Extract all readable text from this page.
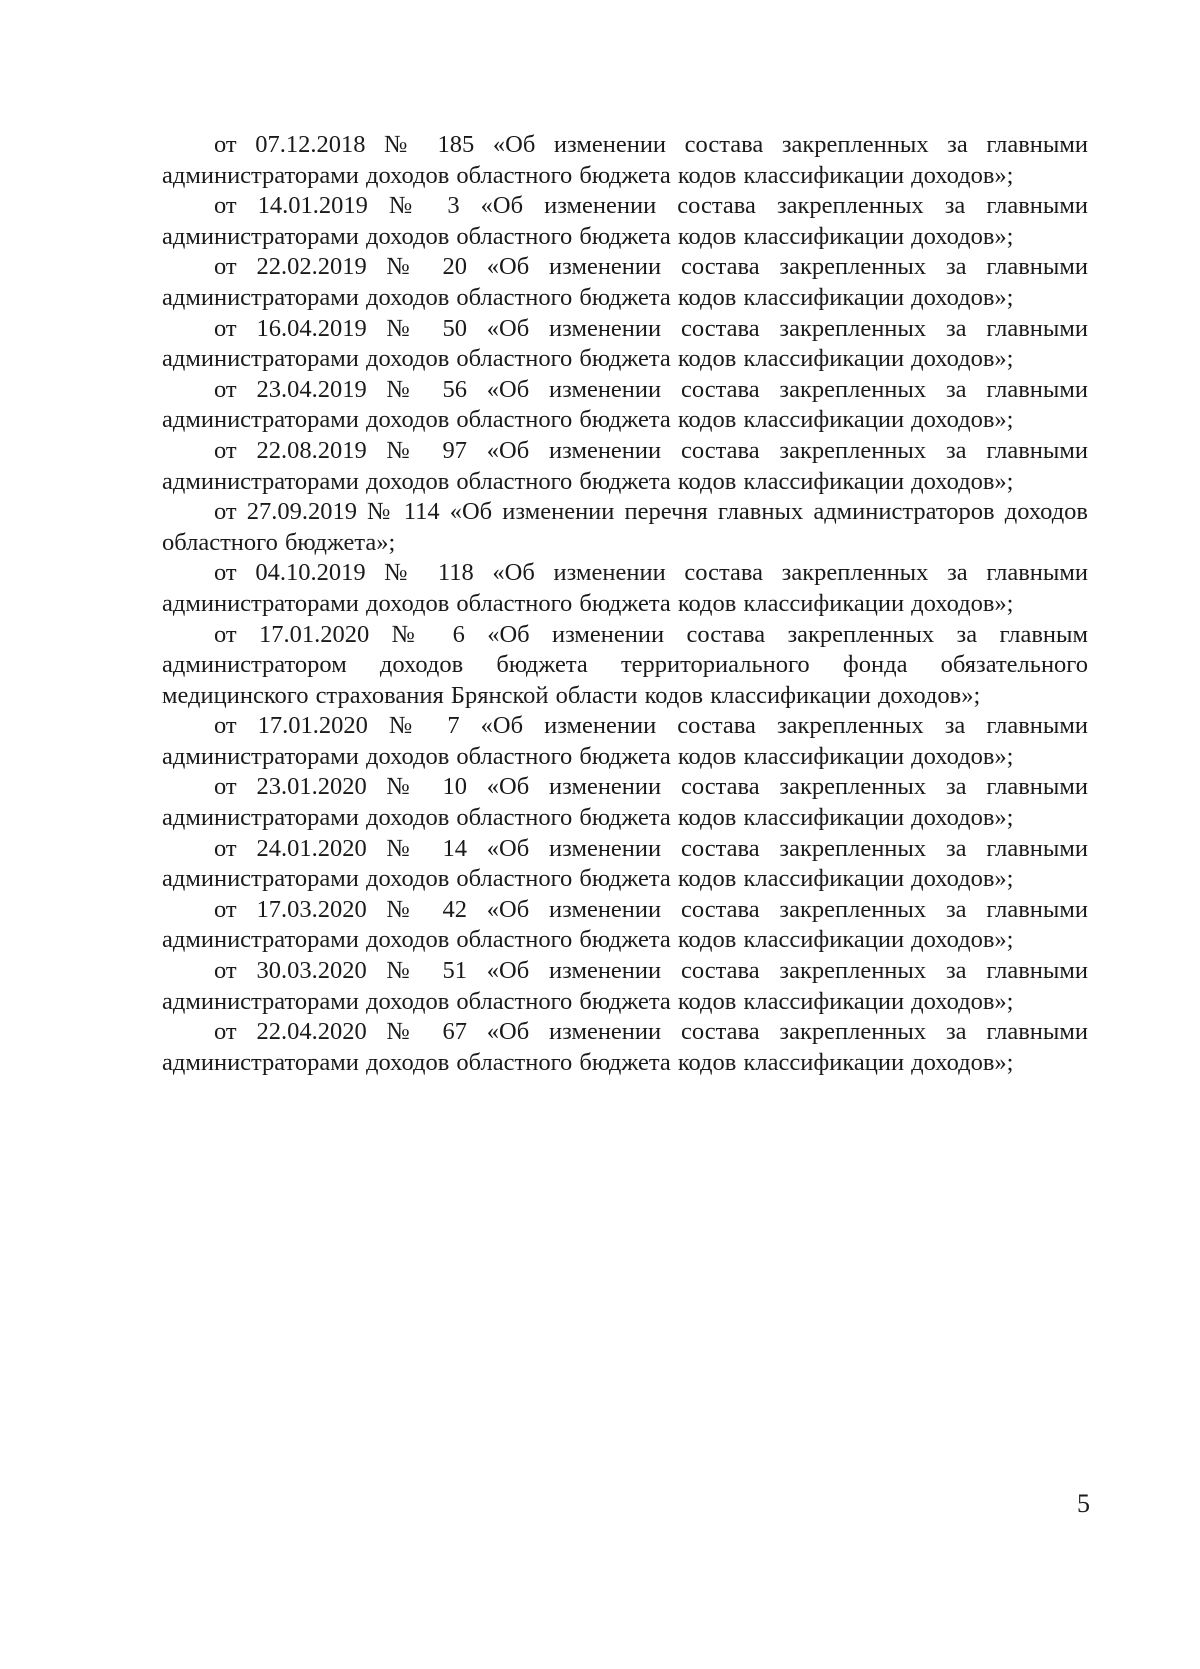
от 07.12.2018 № 185 «Об изменении состава закрепленных за главными администраторами доходов областного бюджета кодов классификации доходов»;

от 14.01.2019 № 3 «Об изменении состава закрепленных за главными администраторами доходов областного бюджета кодов классификации доходов»;

от 22.02.2019 № 20 «Об изменении состава закрепленных за главными администраторами доходов областного бюджета кодов классификации доходов»;

от 16.04.2019 № 50 «Об изменении состава закрепленных за главными администраторами доходов областного бюджета кодов классификации доходов»;

от 23.04.2019 № 56 «Об изменении состава закрепленных за главными администраторами доходов областного бюджета кодов классификации доходов»;

от 22.08.2019 № 97 «Об изменении состава закрепленных за главными администраторами доходов областного бюджета кодов классификации доходов»;

от 27.09.2019 № 114 «Об изменении перечня главных администраторов доходов областного бюджета»;

от 04.10.2019 № 118 «Об изменении состава закрепленных за главными администраторами доходов областного бюджета кодов классификации доходов»;

от 17.01.2020 № 6 «Об изменении состава закрепленных за главным администратором доходов бюджета территориального фонда обязательного медицинского страхования Брянской области кодов классификации доходов»;

от 17.01.2020 № 7 «Об изменении состава закрепленных за главными администраторами доходов областного бюджета кодов классификации доходов»;

от 23.01.2020 № 10 «Об изменении состава закрепленных за главными администраторами доходов областного бюджета кодов классификации доходов»;

от 24.01.2020 № 14 «Об изменении состава закрепленных за главными администраторами доходов областного бюджета кодов классификации доходов»;

от 17.03.2020 № 42 «Об изменении состава закрепленных за главными администраторами доходов областного бюджета кодов классификации доходов»;

от 30.03.2020 № 51 «Об изменении состава закрепленных за главными администраторами доходов областного бюджета кодов классификации доходов»;

от 22.04.2020 № 67 «Об изменении состава закрепленных за главными администраторами доходов областного бюджета кодов классификации доходов»;

5
